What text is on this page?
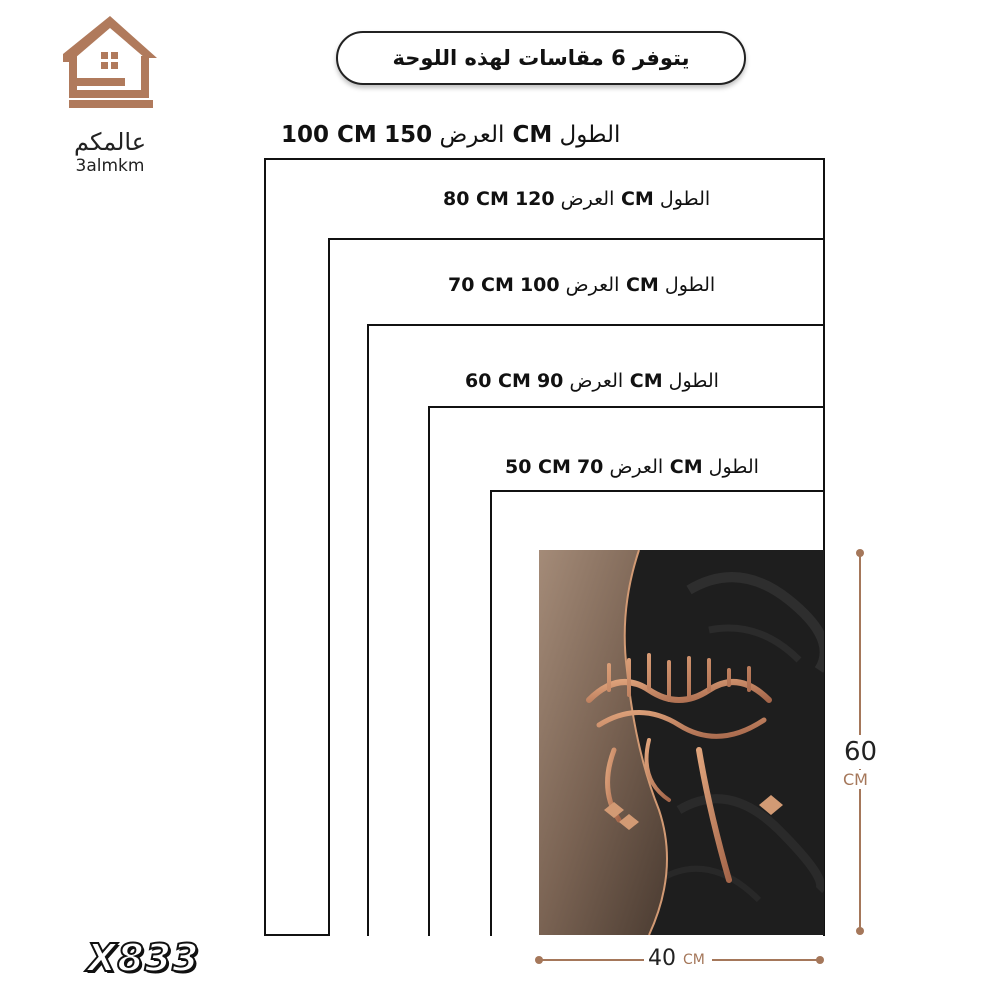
عالمكم
3almkm
يتوفر 6 مقاسات لهذه اللوحة
100 CM	العرض 150 CM الطول
80 CM	العرض 120 CM الطول
70 CM	العرض 100 CM الطول
60 CM العرض 90 CM الطول
50 CM العرض 70 CM الطول
60
CM
40 CM
X833
